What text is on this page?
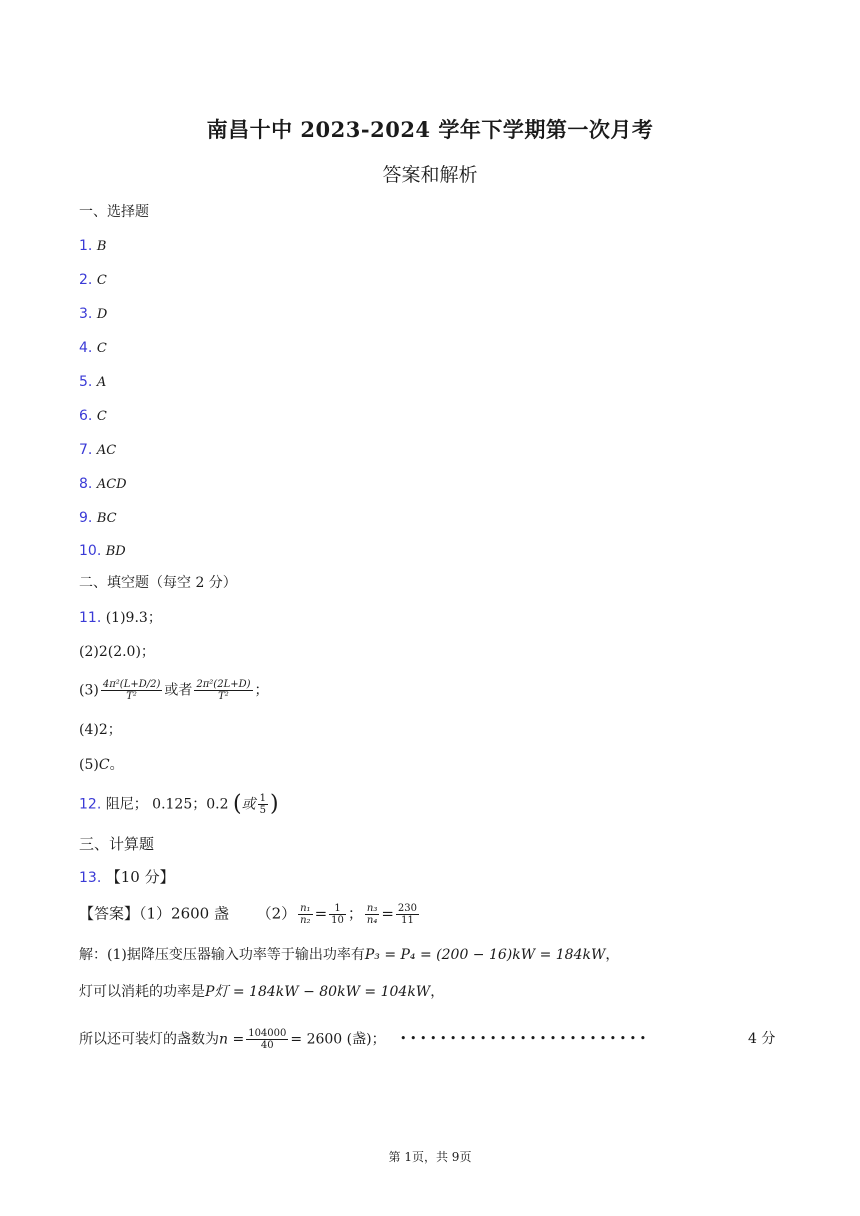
南昌十中 2023-2024 学年下学期第一次月考
答案和解析
一、选择题
1. B
2. C
3. D
4. C
5. A
6. C
7. AC
8. ACD
9. BC
10. BD
二、填空题（每空 2 分）
11. (1)9.3；
(2)2(2.0)；
$(3) \frac{\text{4π²(L+D/2)}}{\text{T²}}$ 或者 $\frac{\text{2π²(2L+D)}}{\text{T²}}$ ；
(4)2；
(5)C。
12. 阻尼； 0.125；0.2 (或 $\frac{1}{5}$ )
三、计算题
13. 【10 分】
【答案】（1）2600 盏 $(2) \frac{\text{n₁}}{\text{n₂}} = \frac{1}{10}$ ； $\frac{\text{n₃}}{\text{n₄}} = \frac{230}{11}$
解：(1)据降压变压器输入功率等于输出功率有P₃ = P₄ = (200 − 16)kW = 184kW，
灯可以消耗的功率是P灯 = 184kW − 80kW = 104kW，
所以还可装灯的盏数为$n = \frac{104000}{40} = 2600$ (盏)； • • • • • • • • • • • • • • • • • • • • • • • • •	4 分
第 1页，共 9页
